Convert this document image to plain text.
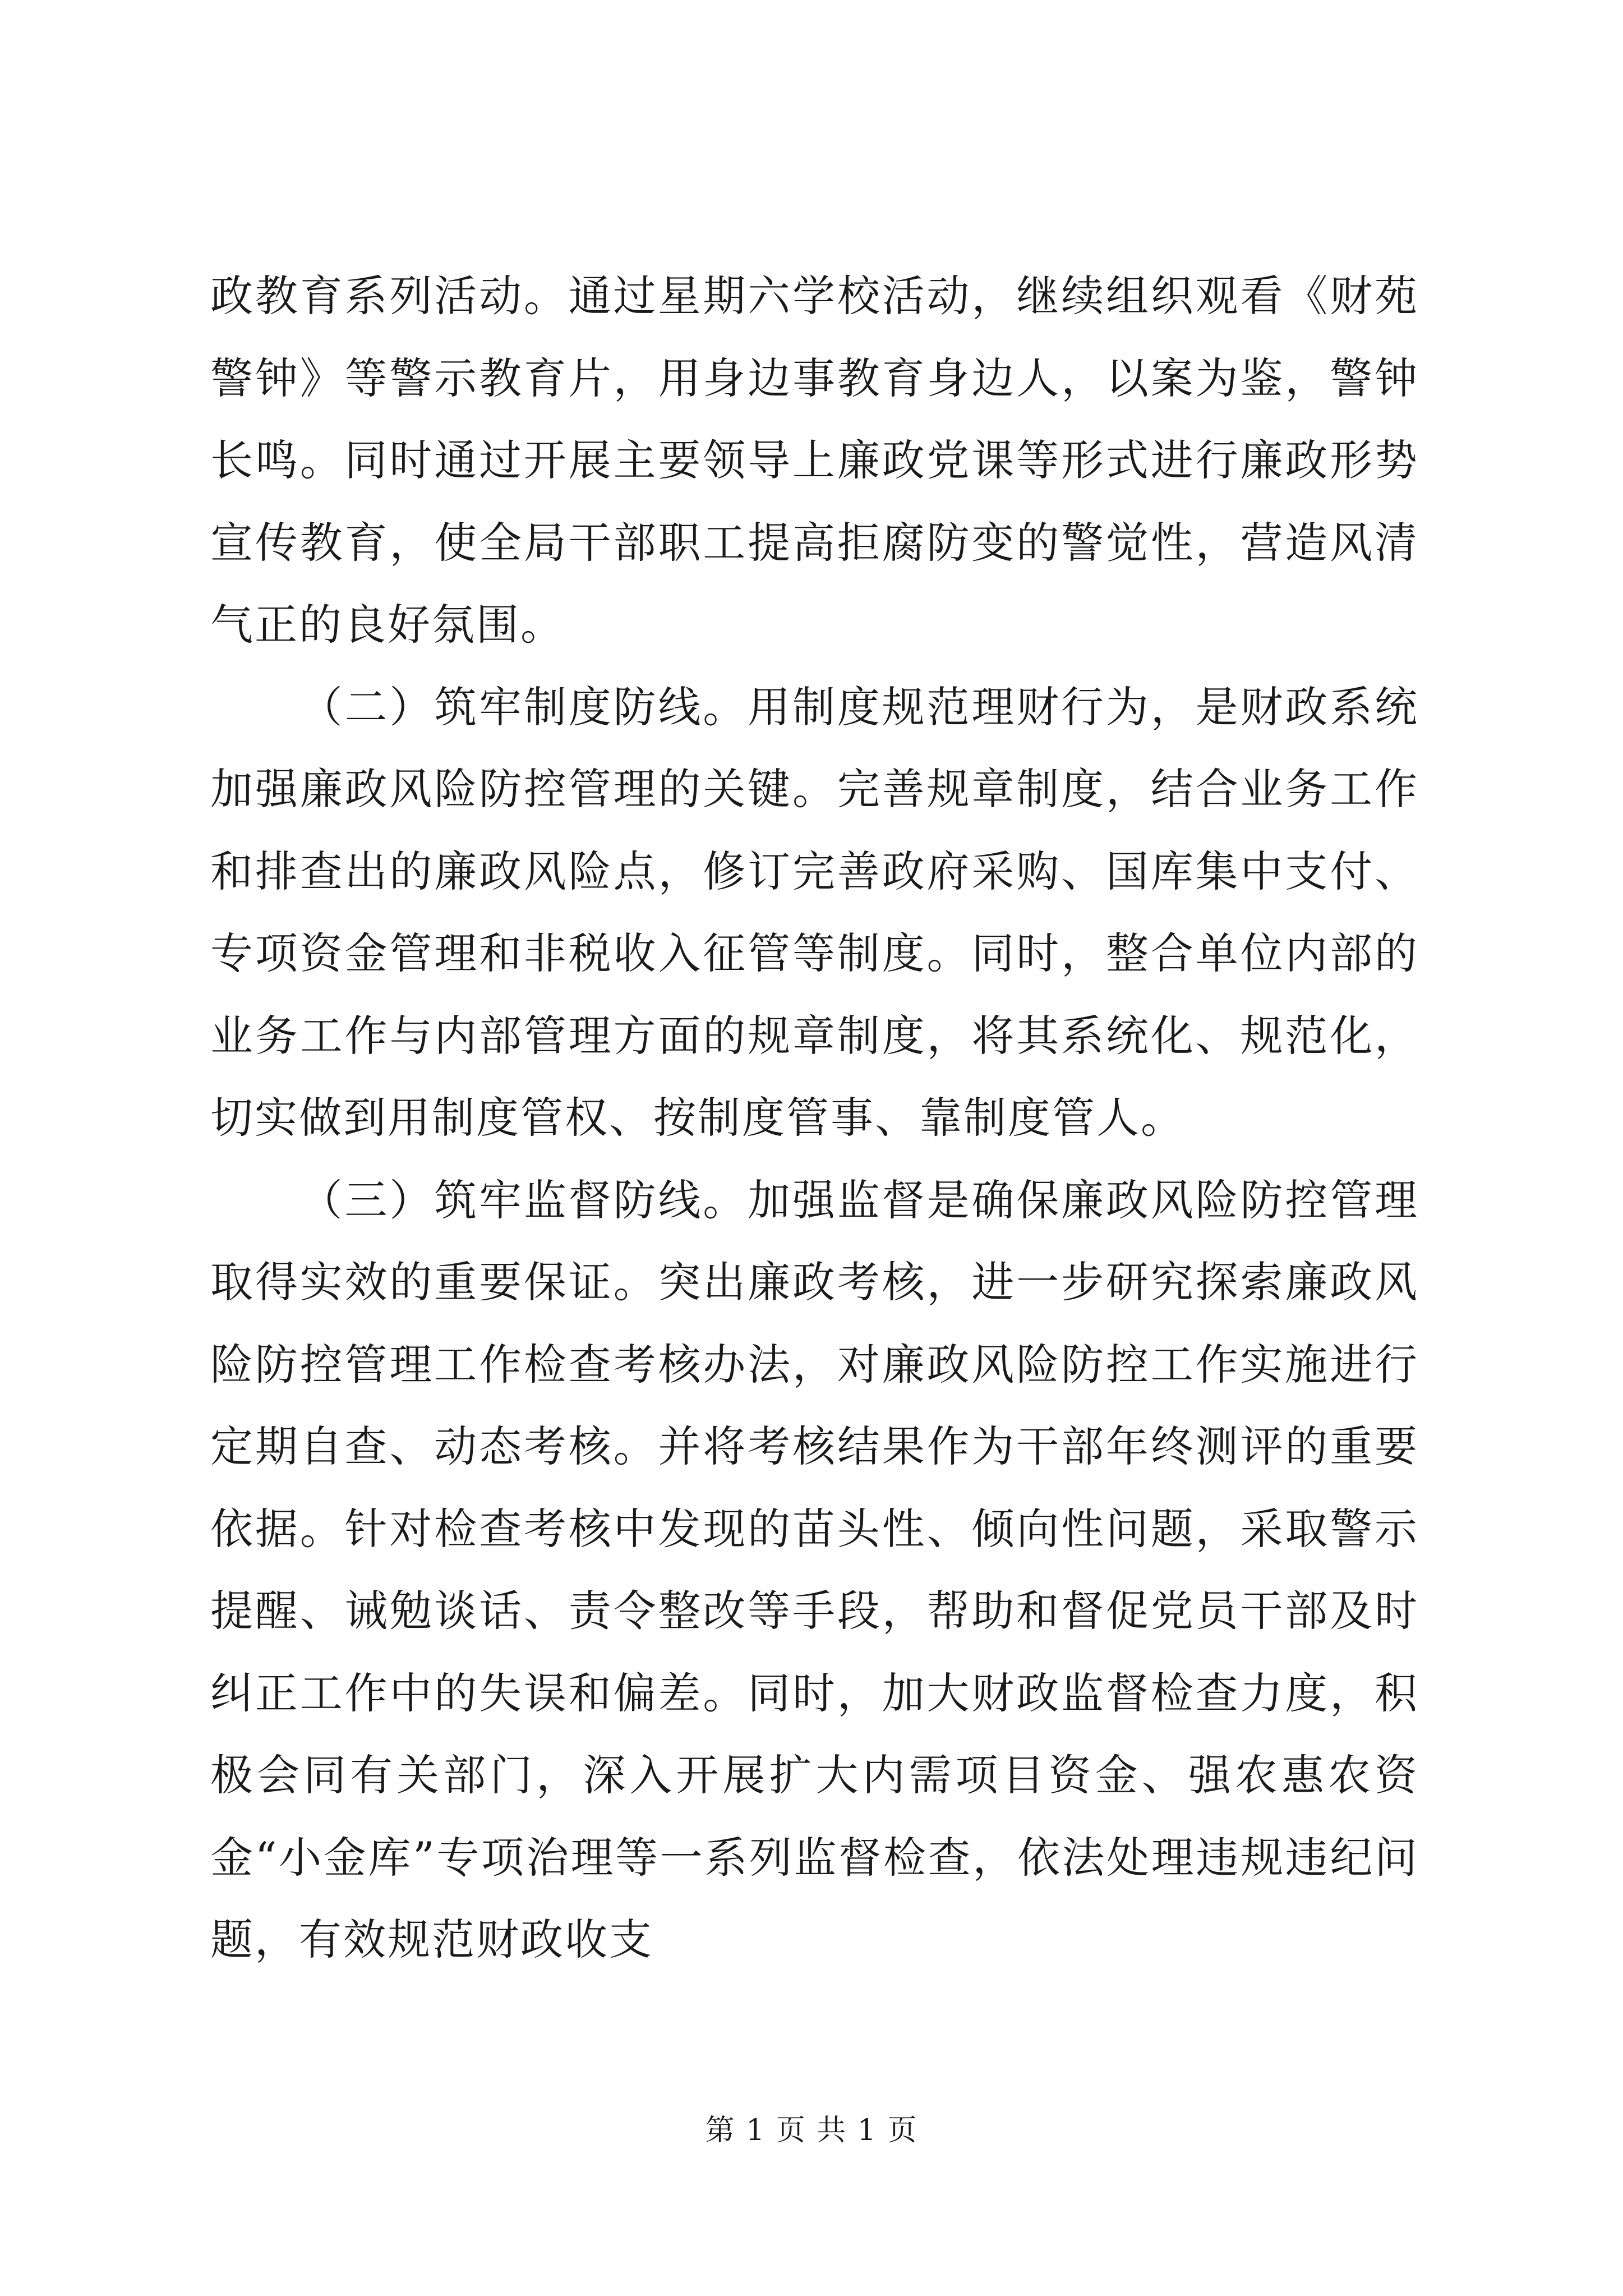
政教育系列活动。通过星期六学校活动，继续组织观看《财苑警钟》等警示教育片，用身边事教育身边人，以案为鉴，警钟长鸣。同时通过开展主要领导上廉政党课等形式进行廉政形势宣传教育，使全局干部职工提高拒腐防变的警觉性，营造风清气正的良好氛围。

（二）筑牢制度防线。用制度规范理财行为，是财政系统加强廉政风险防控管理的关键。完善规章制度，结合业务工作和排查出的廉政风险点，修订完善政府采购、国库集中支付、专项资金管理和非税收入征管等制度。同时，整合单位内部的业务工作与内部管理方面的规章制度，将其系统化、规范化，切实做到用制度管权、按制度管事、靠制度管人。

（三）筑牢监督防线。加强监督是确保廉政风险防控管理取得实效的重要保证。突出廉政考核，进一步研究探索廉政风险防控管理工作检查考核办法，对廉政风险防控工作实施进行定期自查、动态考核。并将考核结果作为干部年终测评的重要依据。针对检查考核中发现的苗头性、倾向性问题，采取警示提醒、诫勉谈话、责令整改等手段，帮助和督促党员干部及时纠正工作中的失误和偏差。同时，加大财政监督检查力度，积极会同有关部门，深入开展扩大内需项目资金、强农惠农资金“小金库”专项治理等一系列监督检查，依法处理违规违纪问题，有效规范财政收支

第 1 页 共 1 页
